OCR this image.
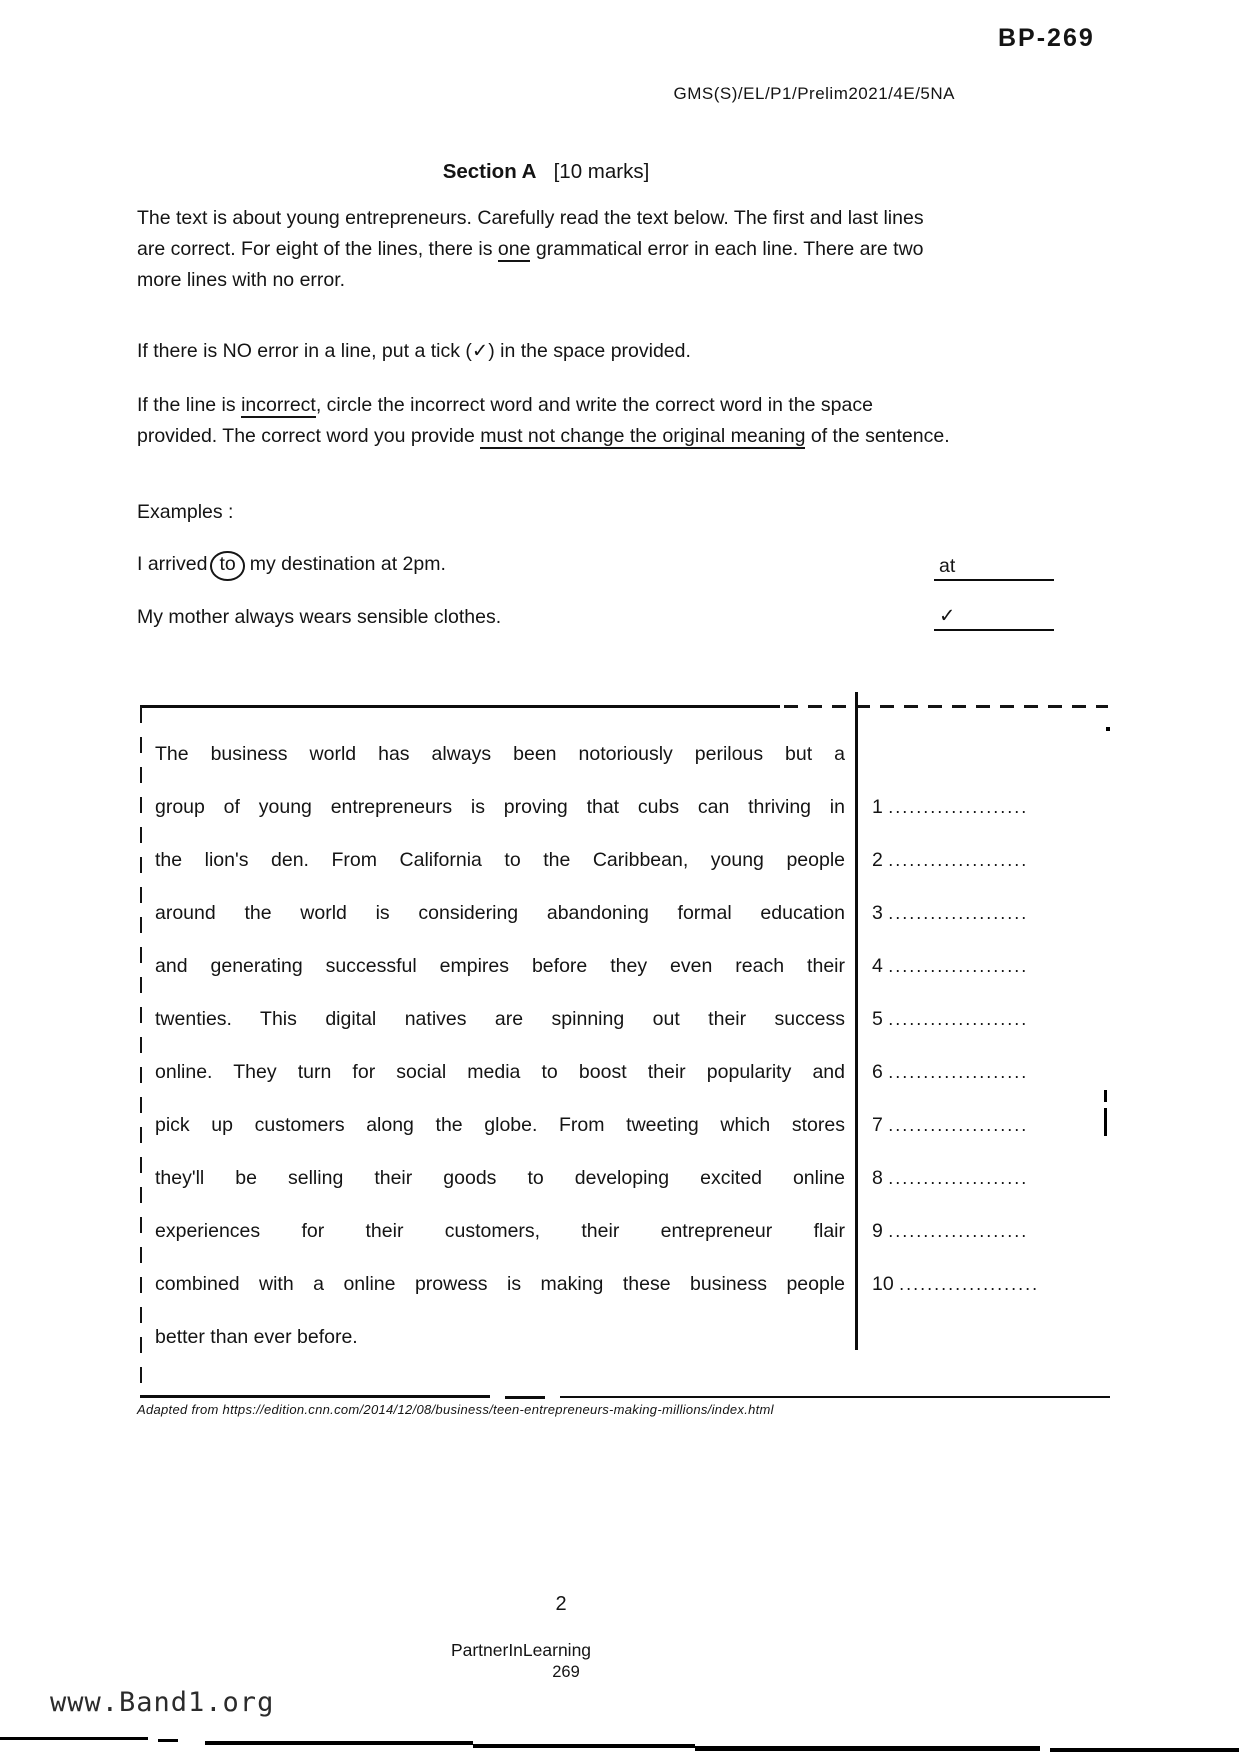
BP-269
GMS(S)/EL/P1/Prelim2021/4E/5NA
Section A [10 marks]
The text is about young entrepreneurs. Carefully read the text below. The first and last lines are correct. For eight of the lines, there is one grammatical error in each line. There are two more lines with no error.
If there is NO error in a line, put a tick (✓) in the space provided.
If the line is incorrect, circle the incorrect word and write the correct word in the space provided. The correct word you provide must not change the original meaning of the sentence.
Examples :
I arrived to my destination at 2pm.	at
My mother always wears sensible clothes.	✓
The business world has always been notoriously perilous but a
group of young entrepreneurs is proving that cubs can thriving in 1 ....................
the lion's den. From California to the Caribbean, young people 2 ....................
around the world is considering abandoning formal education 3 ....................
and generating successful empires before they even reach their 4 ....................
twenties. This digital natives are spinning out their success 5 ....................
online. They turn for social media to boost their popularity and 6 ....................
pick up customers along the globe. From tweeting which stores 7 ....................
they'll be selling their goods to developing excited online 8 ....................
experiences for their customers, their entrepreneur flair 9 ....................
combined with a online prowess is making these business people 10 ....................
better than ever before.
Adapted from https://edition.cnn.com/2014/12/08/business/teen-entrepreneurs-making-millions/index.html
2
PartnerInLearning
269
www.Band1.org
